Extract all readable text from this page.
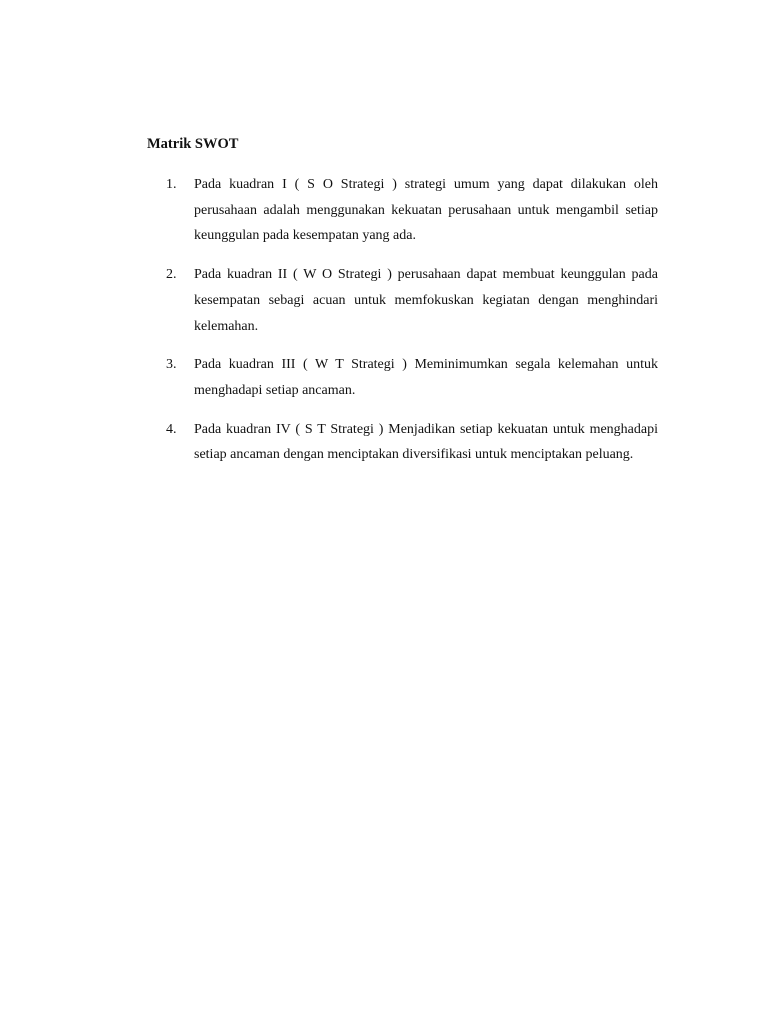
Matrik SWOT
1. Pada kuadran I ( S O Strategi ) strategi umum yang dapat dilakukan oleh perusahaan adalah menggunakan kekuatan perusahaan untuk mengambil setiap keunggulan pada kesempatan yang ada.
2. Pada kuadran II ( W O Strategi ) perusahaan dapat membuat keunggulan pada kesempatan sebagi acuan untuk memfokuskan kegiatan dengan menghindari kelemahan.
3. Pada kuadran III ( W T Strategi ) Meminimumkan segala kelemahan untuk menghadapi setiap ancaman.
4. Pada kuadran IV ( S T Strategi ) Menjadikan setiap kekuatan untuk menghadapi setiap ancaman dengan menciptakan diversifikasi untuk menciptakan peluang.
